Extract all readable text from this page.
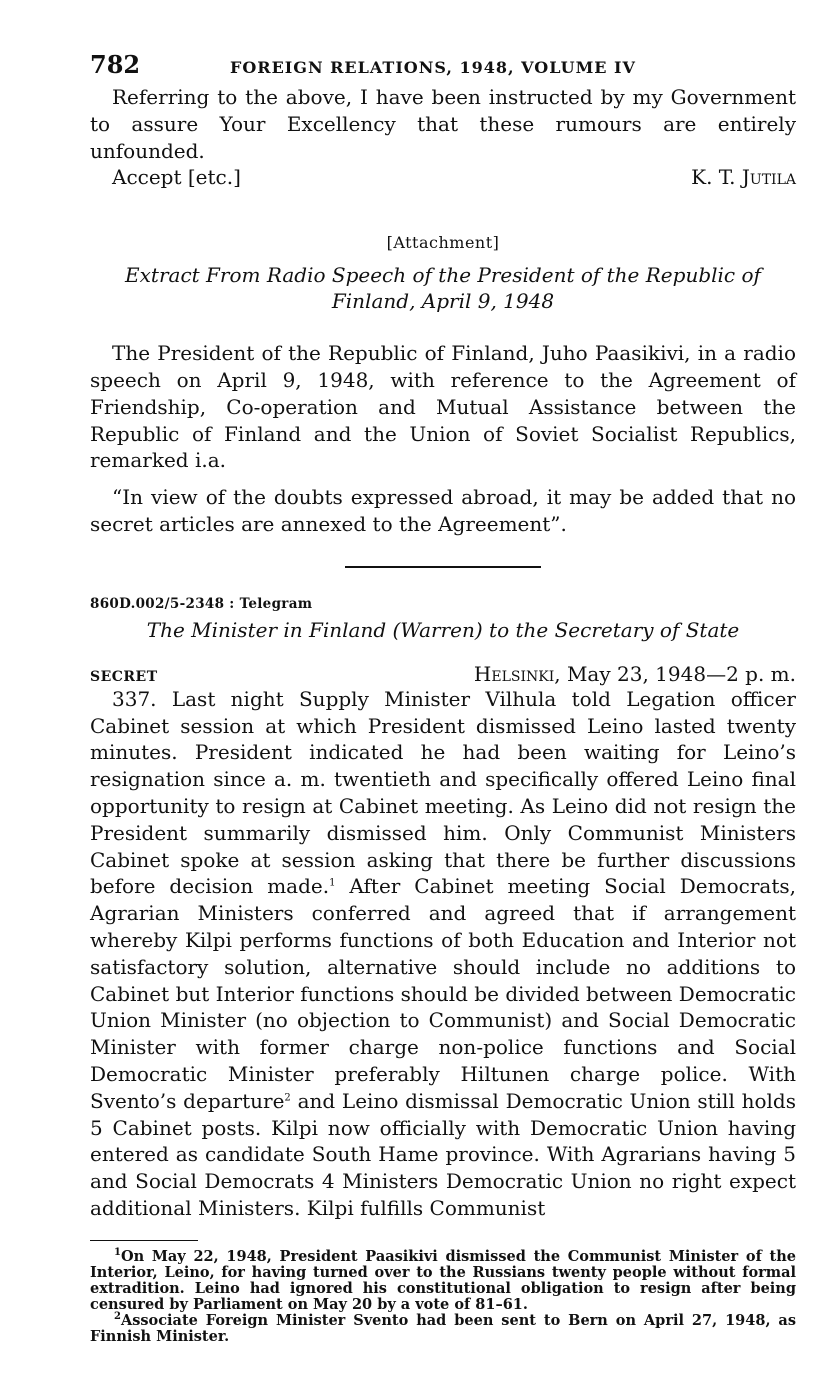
782	FOREIGN RELATIONS, 1948, VOLUME IV

Referring to the above, I have been instructed by my Government to assure Your Excellency that these rumours are entirely unfounded.

Accept [etc.]	K. T. Jutila
[Attachment]
Extract From Radio Speech of the President of the Republic of Finland, April 9, 1948

The President of the Republic of Finland, Juho Paasikivi, in a radio speech on April 9, 1948, with reference to the Agreement of Friendship, Co-operation and Mutual Assistance between the Republic of Finland and the Union of Soviet Socialist Republics, remarked i.a.

“In view of the doubts expressed abroad, it may be added that no secret articles are annexed to the Agreement”.

860D.002/5-2348 : Telegram
The Minister in Finland (Warren) to the Secretary of State
SECRET	Helsinki, May 23, 1948—2 p. m.

337. Last night Supply Minister Vilhula told Legation officer Cabinet session at which President dismissed Leino lasted twenty minutes. President indicated he had been waiting for Leino’s resignation since a. m. twentieth and specifically offered Leino final opportunity to resign at Cabinet meeting. As Leino did not resign the President summarily dismissed him. Only Communist Ministers Cabinet spoke at session asking that there be further discussions before decision made.$^1$ After Cabinet meeting Social Democrats, Agrarian Ministers conferred and agreed that if arrangement whereby Kilpi performs functions of both Education and Interior not satisfactory solution, alternative should include no additions to Cabinet but Interior functions should be divided between Democratic Union Minister (no objection to Communist) and Social Democratic Minister with former charge non-police functions and Social Democratic Minister preferably Hiltunen charge police. With Svento’s departure$^2$ and Leino dismissal Democratic Union still holds 5 Cabinet posts. Kilpi now officially with Democratic Union having entered as candidate South Hame province. With Agrarians having 5 and Social Democrats 4 Ministers Democratic Union no right expect additional Ministers. Kilpi fulfills Communist

$^1$On May 22, 1948, President Paasikivi dismissed the Communist Minister of the Interior, Leino, for having turned over to the Russians twenty people without formal extradition. Leino had ignored his constitutional obligation to resign after being censured by Parliament on May 20 by a vote of 81–61.

$^2$Associate Foreign Minister Svento had been sent to Bern on April 27, 1948, as Finnish Minister.
